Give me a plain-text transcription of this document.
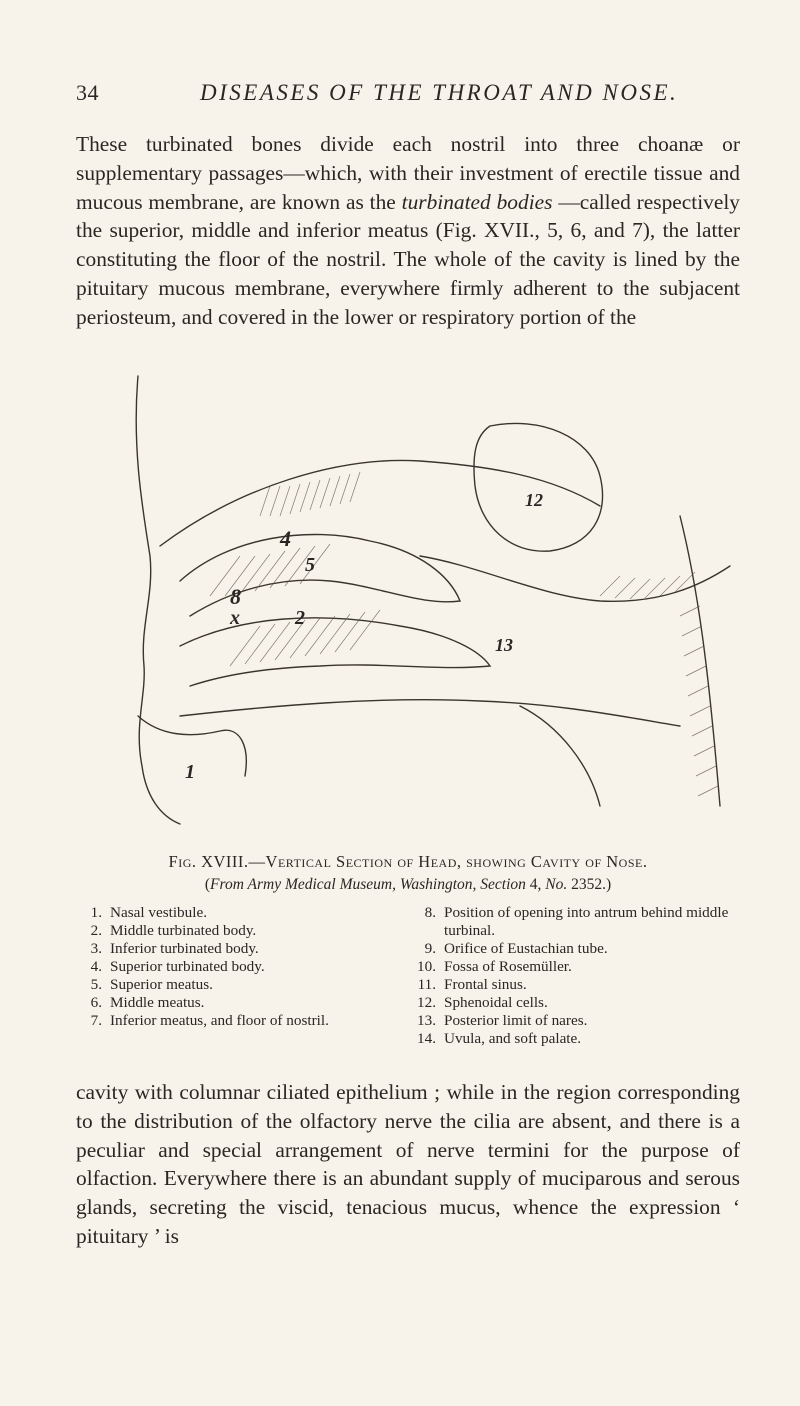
34	DISEASES OF THE THROAT AND NOSE.

These turbinated bones divide each nostril into three choanæ or supplementary passages—which, with their investment of erectile tissue and mucous membrane, are known as the turbinated bodies —called respectively the superior, middle and inferior meatus (Fig. XVII., 5, 6, and 7), the latter constituting the floor of the nostril. The whole of the cavity is lined by the pituitary mucous membrane, everywhere firmly adherent to the subjacent periosteum, and covered in the lower or respiratory portion of the

4
5
8
x	2
12
13
1
Fig. XVIII.—Vertical Section of Head, showing Cavity of Nose.
(From Army Medical Museum, Washington, Section 4, No. 2352.)
1. Nasal vestibule.
2. Middle turbinated body.
3. Inferior turbinated body.
4. Superior turbinated body.
5. Superior meatus.
6. Middle meatus.
7. Inferior meatus, and floor of nostril.
8. Position of opening into antrum behind middle turbinal.
9. Orifice of Eustachian tube.
10. Fossa of Rosemüller.
11. Frontal sinus.
12. Sphenoidal cells.
13. Posterior limit of nares.
14. Uvula, and soft palate.

cavity with columnar ciliated epithelium ; while in the region corresponding to the distribution of the olfactory nerve the cilia are absent, and there is a peculiar and special arrangement of nerve termini for the purpose of olfaction. Everywhere there is an abundant supply of muciparous and serous glands, secreting the viscid, tenacious mucus, whence the expression ‘ pituitary ’ is
